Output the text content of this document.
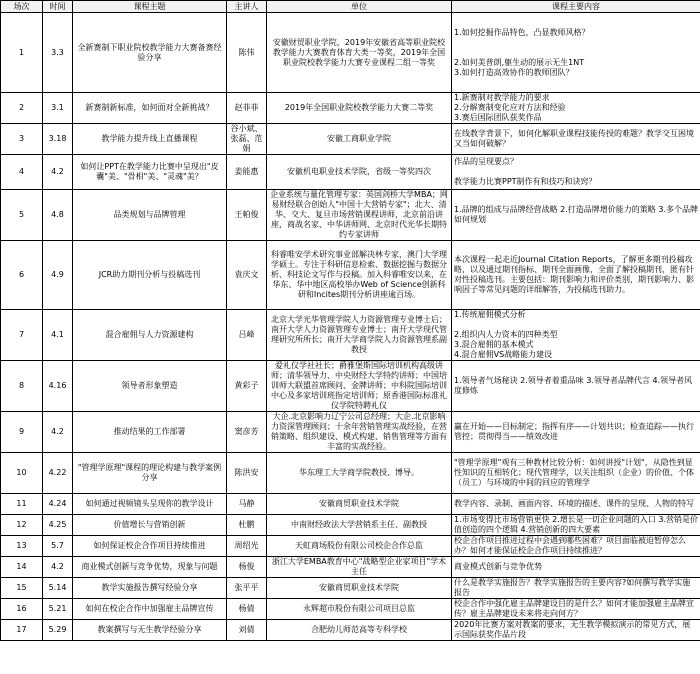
场次	时间	课程主题	主讲人	单位	课程主要内容
1	3.3	全新赛制下职业院校教学能力大赛备赛经验分享	陈伟	安徽财贸职业学院，2019年安徽省高等职业院校教学能力大赛教育体育大类一等奖，2019年全国职业院校教学能力大赛专业课程二组一等奖	1.如何挖掘作品特色，凸显教师风格？

2.如何美普朗,躯生动的展示无生1NT
3.如何打造高效协作的教师团队？
2	3.1	新赛制新标准，如何面对全新挑战？	赵菲菲	2019年全国职业院校教学能力大赛二等奖	1.新赛制对教学能力的要求
2.分解赛制变化应对方法和经验
3.赛后国际团队获奖作品
3	3.18	教学能力提升线上直播课程	谷小斌、张磊、范娟	安徽工商职业学院	在线教学背景下，如何化解职业课程技能传授的难题？教学交互困境又当如何破解？
4	4.2	如何让PPT在教学能力比赛中呈现出"皮囊"美、"骨相"美、"灵魂"美？	姜能惠	安徽机电职业技术学院，省级一等奖四次	作品的呈现要点？

教学能力比赛PPT制作有和技巧和诀窍？
5	4.8	品类规划与品牌管理	王帕俊	企业系统与量化管理专家：英国剑桥大学MBA；网易财经联合创始人"中国十大营销专家"；北大、清华、交大、复旦市场营销课程讲师，北京前沿讲座，商战名家、中华讲师网、北京时代光华长期特约专家讲师	1.品牌的组成与品牌经营战略 2.打造品牌增价能力的策略 3.多个品牌如何规划
6	4.9	JCR助力期刊分析与投稿选刊	袁庆文	科睿唯安学术研究事业部解决林专家，澳门大学理学硕士。专注于科研信息检索、数据挖掘与数据分析、科技论文写作与投稿。加入科睿唯安以来，在华东、华中地区高校举办Web of Science创新科研和Incites期刊分析讲座逾百场。	本次课程一起走近Journal Citation Reports，了解更多期刊投稿攻略，以及通过期刊指标、期刊全面画像，全面了解投稿期刊，匿有针对性投稿选刊。主要包括：期刊影响力和评价类别，期刊影响力、影响因子等常见问题的详细解答，为投稿选刊助力。
7	4.1	混合雇佣与人力资源建构	吕峰	北京大学光华管理学院人力资源管理专业博士后；南开大学人力资源管理专业博士；南开大学现代管理研究所所长；南开大学商学院人力资源管理系副教授	1.传统雇佣模式分析

2.组织内人力资本的四种类型
3.混合雇佣的基本模式
4.混合雇佣VS战略能力建设
8	4.16	领导者形象塑造	黄彩子	爱礼仪学社社长；爵雅堡斯国际培训机构高级讲师；清华领导力、中央财经大学特约讲师；中国培训师大联盟首席顾问、金牌讲师；中科院国际培训中心及多家培训班指定培训师；原香港国际标准礼仪学院特聘礼仪	1.领导者气场秘诀 2.领导者着重品味 3.领导者品牌代言 4.领导者风度修炼
9	4.2	推动结果的工作部署	窦彦芳	大企.北京影响力辽宁公司总经理；大企.北京影响力资深管理顾问；十余年营销管理实战经验，在营销策略、组织建设、模式构建、销售管理等方面有丰富的实战经验。	赢在开始——目标制定；指挥有序——计划共识；检查追踪——执行管控；贯彻得当——绩效改进
10	4.22	"管理学原理"课程的理论构建与教学案例分享	陈洪安	华东理工大学商学院教授、博导。	"管理学原理"观有三种教材比较分析：如何讲授"计划"，从隐性到显性知识的互相转化；现代管理学，以关注组织（企业）的价值、个体（员工）与环境的中间的回应的管理学
11	4.24	如何通过视频镜头呈现你的教学设计	马静	安徽商贸职业技术学院	教学内容、录制、画面内容、环境的描述、课件的呈现、人物的特写
12	4.25	价值增长与营销创新	杜鹏	中南财经政法大学营销系主任、副教授	1.市场变得比市场营销更快 2.增长是一切企业问题的入口 3.营销是价值创造的四个逻辑 4.营销创新的四大要素
13	5.7	如何保证校企合作项目持续推进	周绍光	天虹商场股份有限公司校企合作总监	校企合作项目推进过程中会遇到哪些困难？项目面临被迫暂停怎么办？如何才能保证校企合作项目持续推进？
14	4.2	商业模式创新与竞争优势，现象与问题	杨俊	浙江大学EMBA教育中心"战略型企业家项目"学术主任	商业模式创新与竞争优势
15	5.14	教学实施报告撰写经验分享	张平平	安徽商贸职业技术学院	什么是教学实施报告？教学实施报告的主要内容?如何撰写教学实施报告
16	5.21	如何在校企合作中加强雇主品牌宣传	杨倩	永辉超市股份有限公司项目总监	校企合作中强化雇主品牌建设目的是什么？如何才能加强雇主品牌宣传？雇主品牌建设未来将走向何方？
17	5.29	教案撰写与无生教学经验分享	刘倩	合肥幼儿师范高等专科学校	2020年比赛方案对教案的要求，无生教学模拟演示的常见方式，展示国际获奖作品片段
